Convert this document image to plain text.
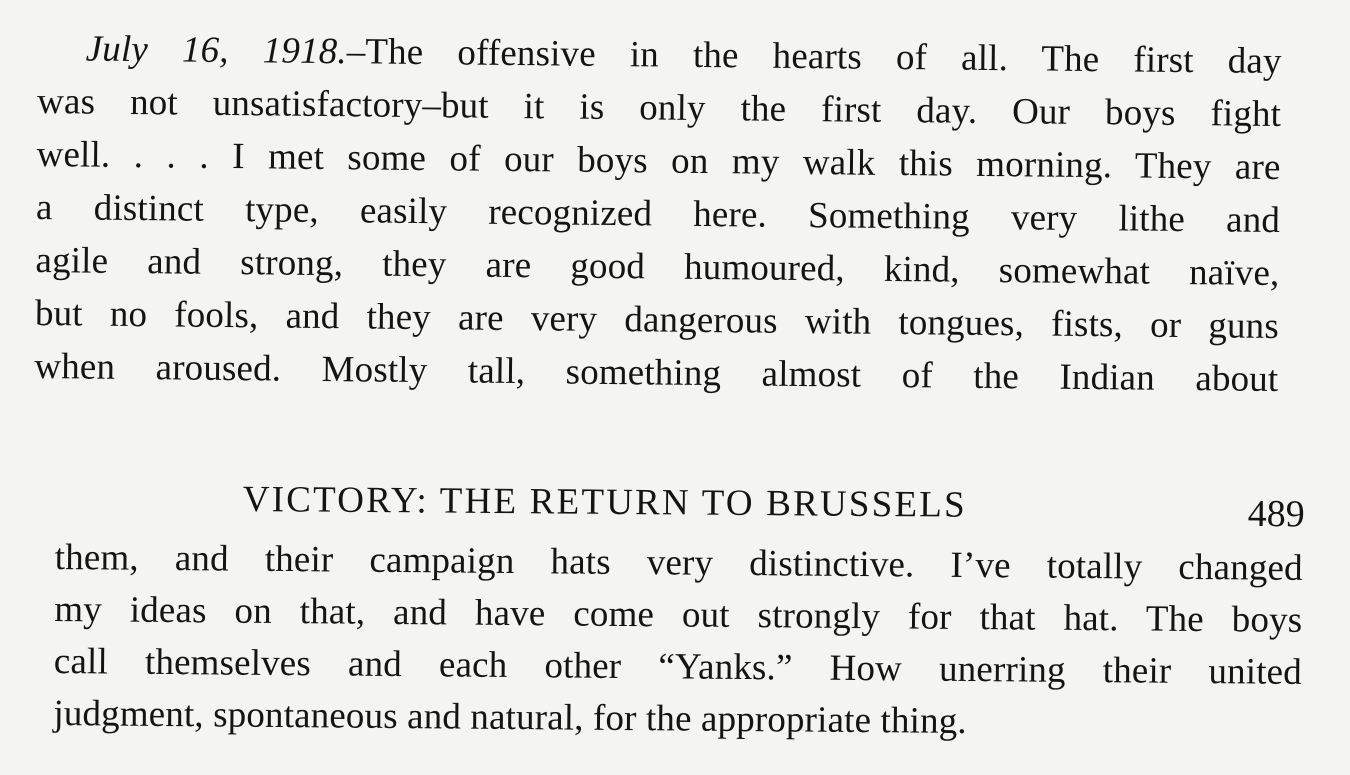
July 16, 1918.–The offensive in the hearts of all. The first day
was not unsatisfactory–but it is only the first day. Our boys fight
well. . . . I met some of our boys on my walk this morning. They are
a distinct type, easily recognized here. Something very lithe and
agile and strong, they are good humoured, kind, somewhat naïve,
but no fools, and they are very dangerous with tongues, fists, or guns
when aroused. Mostly tall, something almost of the Indian about

VICTORY: THE RETURN TO BRUSSELS	489

them, and their campaign hats very distinctive. I’ve totally changed
my ideas on that, and have come out strongly for that hat. The boys
call themselves and each other “Yanks.” How unerring their united
judgment, spontaneous and natural, for the appropriate thing.
